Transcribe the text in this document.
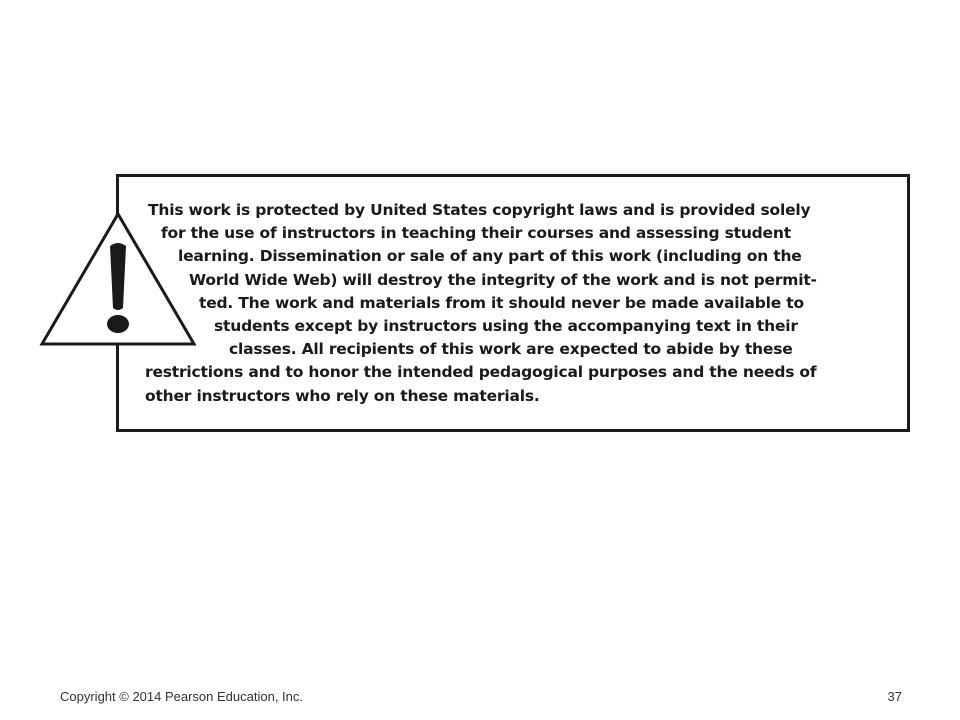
This work is protected by United States copyright laws and is provided solely
for the use of instructors in teaching their courses and assessing student
learning. Dissemination or sale of any part of this work (including on the
World Wide Web) will destroy the integrity of the work and is not permit-
ted. The work and materials from it should never be made available to
students except by instructors using the accompanying text in their
classes. All recipients of this work are expected to abide by these
restrictions and to honor the intended pedagogical purposes and the needs of
other instructors who rely on these materials.

Copyright © 2014 Pearson Education, Inc.	37
